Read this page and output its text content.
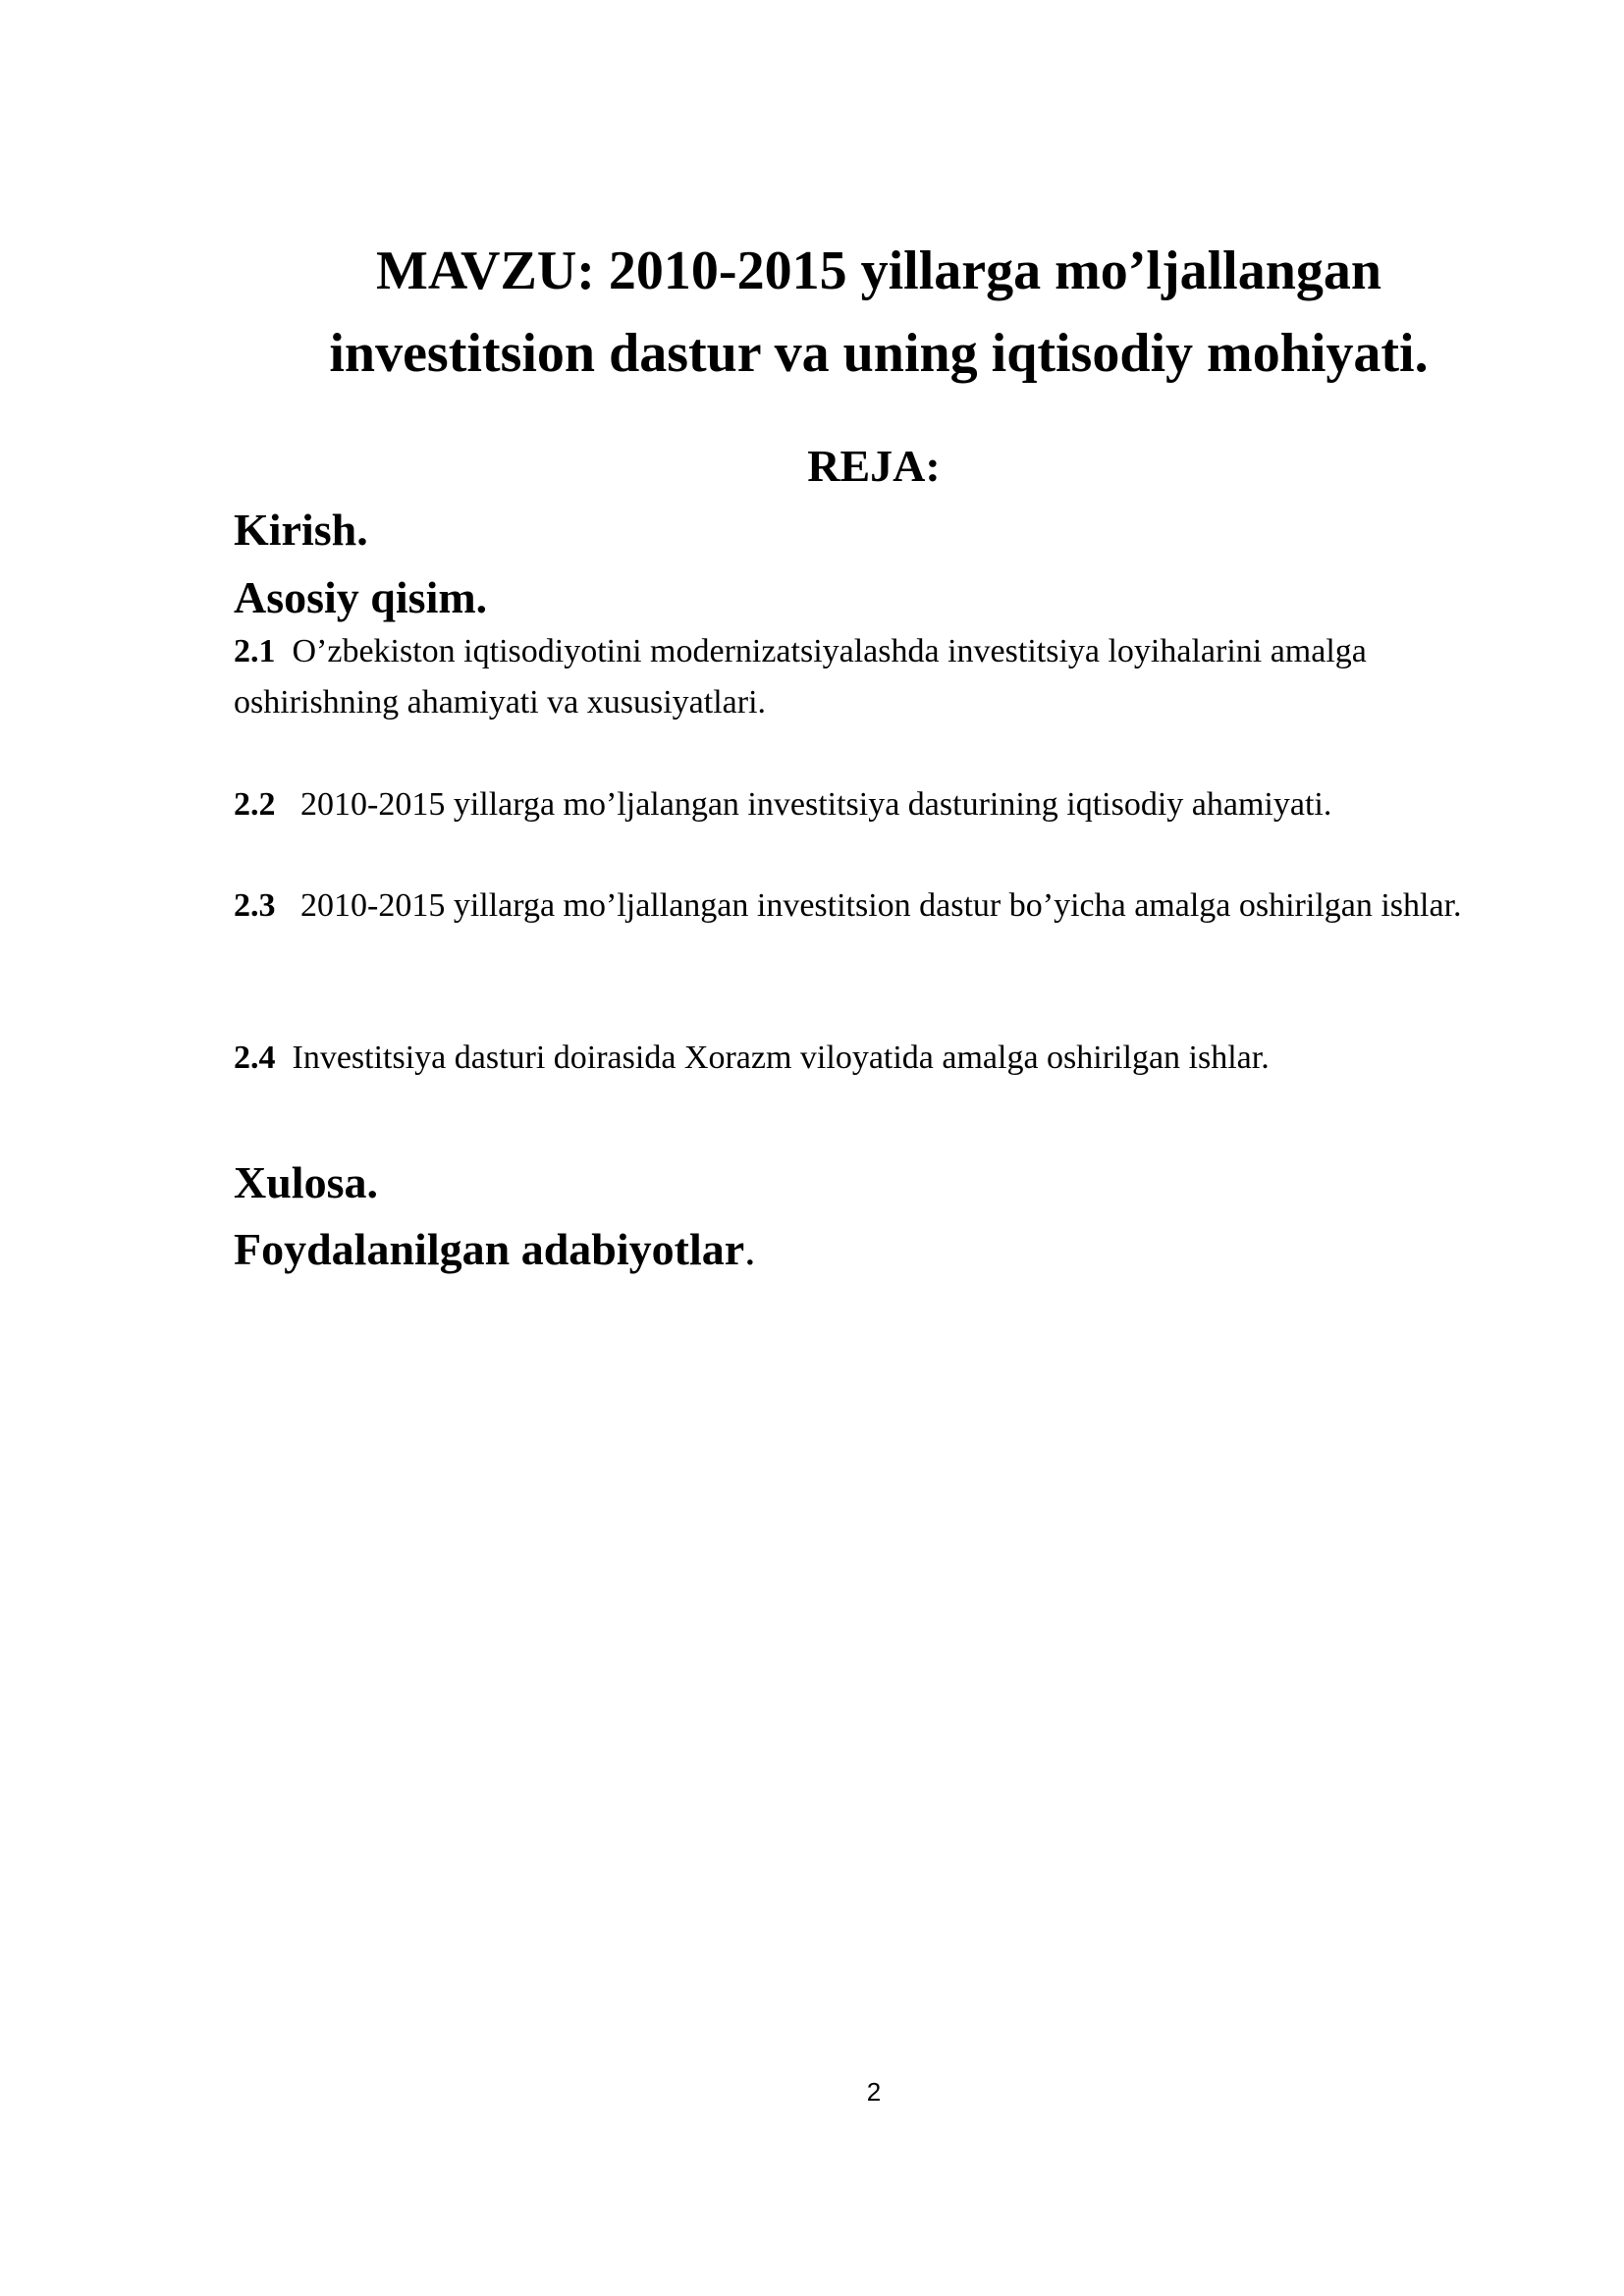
MAVZU: 2010-2015 yillarga mo’ljallangan
investitsion dastur va uning iqtisodiy mohiyati.
REJA:
Kirish.
Asosiy qisim.
2.1 O’zbekiston iqtisodiyotini modernizatsiyalashda investitsiya loyihalarini amalga oshirishning ahamiyati va xususiyatlari.
2.2 2010-2015 yillarga mo’ljalangan investitsiya dasturining iqtisodiy ahamiyati.
2.3 2010-2015 yillarga mo’ljallangan investitsion dastur bo’yicha amalga oshirilgan ishlar.
2.4 Investitsiya dasturi doirasida Xorazm viloyatida amalga oshirilgan ishlar.
Xulosa.
Foydalanilgan adabiyotlar.
2
